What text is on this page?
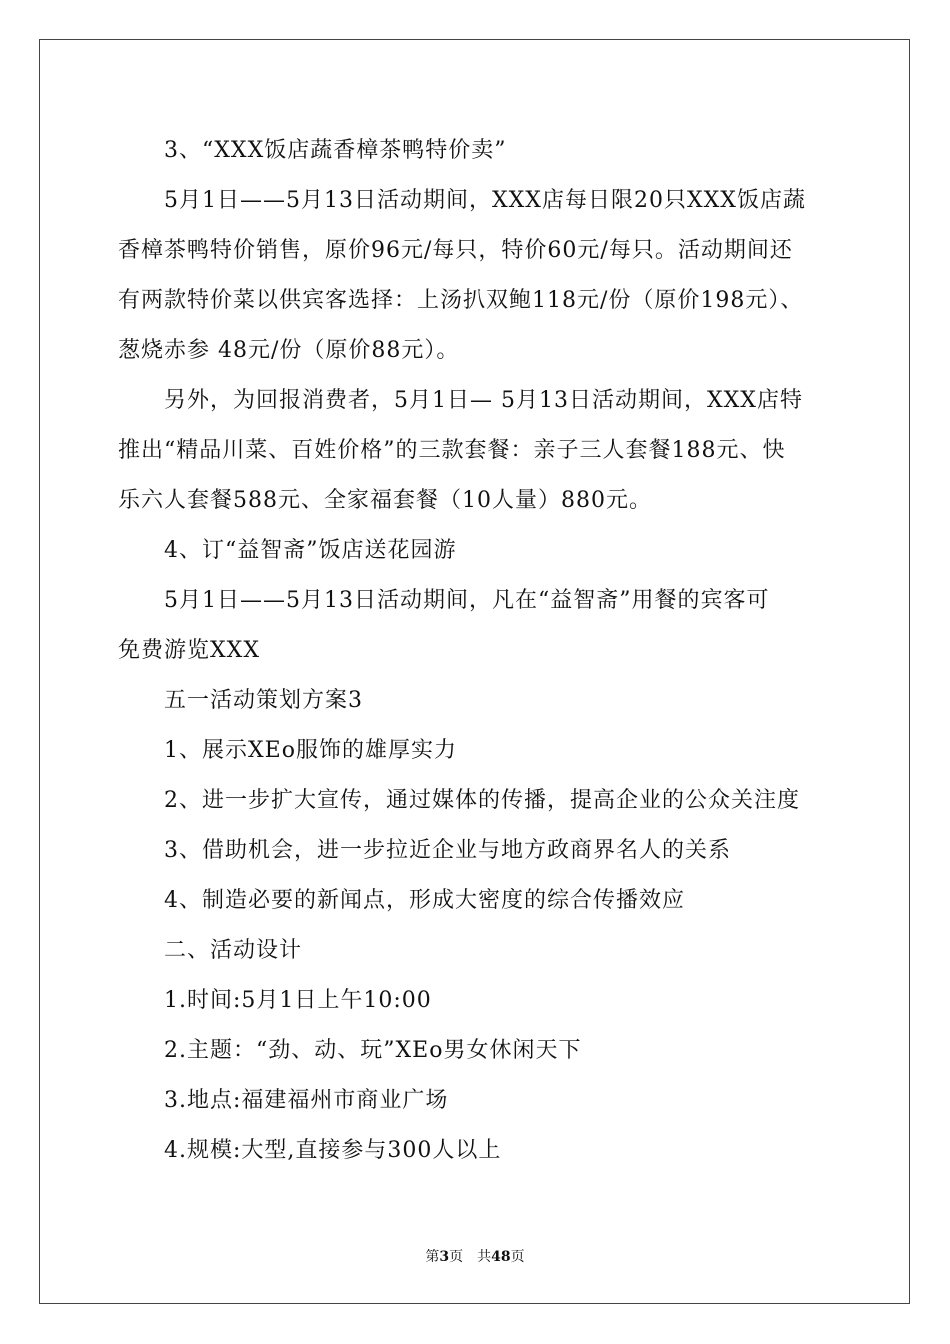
3、“XXX饭店蔬香樟茶鸭特价卖”

5月1日——5月13日活动期间，XXX店每日限20只XXX饭店蔬

香樟茶鸭特价销售，原价96元/每只，特价60元/每只。活动期间还

有两款特价菜以供宾客选择：上汤扒双鲍118元/份（原价198元）、

葱烧赤参 48元/份（原价88元）。

另外，为回报消费者，5月1日— 5月13日活动期间，XXX店特

推出“精品川菜、百姓价格”的三款套餐：亲子三人套餐188元、快

乐六人套餐588元、全家福套餐（10人量）880元。

4、订“益智斋”饭店送花园游

5月1日——5月13日活动期间，凡在“益智斋”用餐的宾客可

免费游览XXX

五一活动策划方案3

1、展示XEo服饰的雄厚实力

2、进一步扩大宣传，通过媒体的传播，提高企业的公众关注度

3、借助机会，进一步拉近企业与地方政商界名人的关系

4、制造必要的新闻点，形成大密度的综合传播效应

二、活动设计

1.时间:5月1日上午10:00

2.主题：“劲、动、玩”XEo男女休闲天下

3.地点:福建福州市商业广场

4.规模:大型,直接参与300人以上

第3页 共48页
